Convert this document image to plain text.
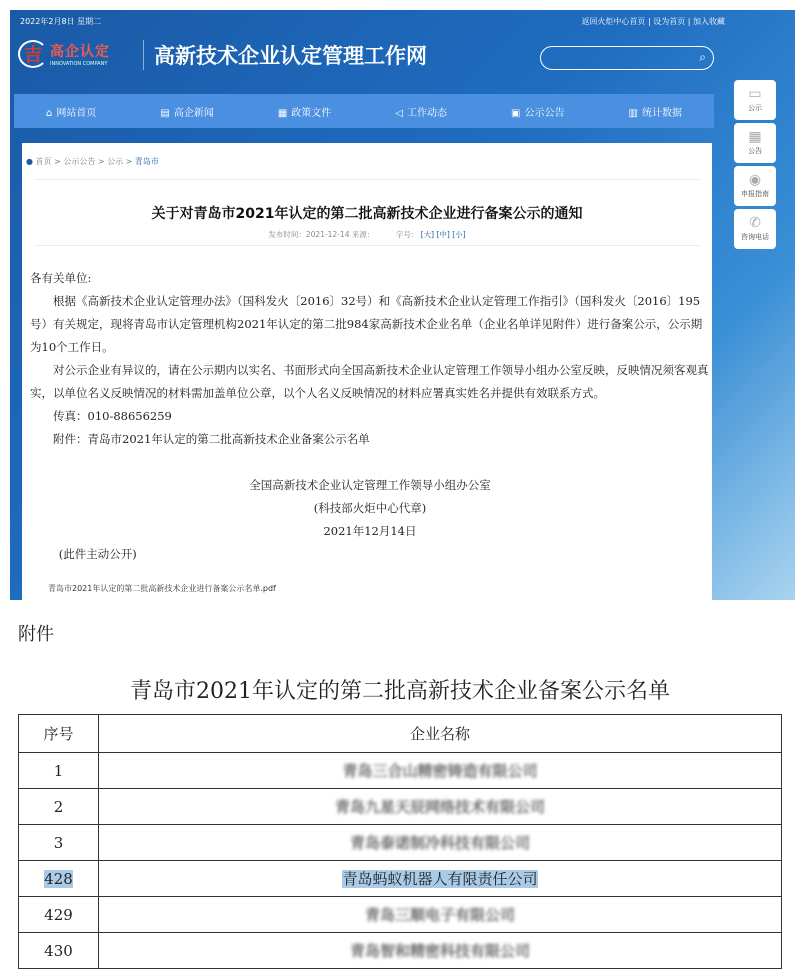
2022年2月8日 星期二	返回火炬中心首页 | 设为首页 | 加入收藏
吉 高企认定
INNOVATION COMPANY	高新技术企业认定管理工作网	⌕
⌂ 网站首页	▤ 高企新闻	▦ 政策文件	◁ 工作动态	▣ 公示公告	▥ 统计数据
▭
公示
▦
公告
◉
申报指南
✆
咨询电话
● 首页 > 公示公告 > 公示 > 青岛市
关于对青岛市2021年认定的第二批高新技术企业进行备案公示的通知
发布时间：2021-12-14 来源：	字号： [大] [中] [小]

各有关单位:

根据《高新技术企业认定管理办法》（国科发火〔2016〕32号）和《高新技术企业认定管理工作指引》（国科发火〔2016〕195号）有关规定，现将青岛市认定管理机构2021年认定的第二批984家高新技术企业名单（企业名单详见附件）进行备案公示，公示期为10个工作日。

对公示企业有异议的，请在公示期内以实名、书面形式向全国高新技术企业认定管理工作领导小组办公室反映，反映情况须客观真实，以单位名义反映情况的材料需加盖单位公章，以个人名义反映情况的材料应署真实姓名并提供有效联系方式。

传真：010-88656259

附件：青岛市2021年认定的第二批高新技术企业备案公示名单

全国高新技术企业认定管理工作领导小组办公室

(科技部火炬中心代章)

2021年12月14日

(此件主动公开)

青岛市2021年认定的第二批高新技术企业进行备案公示名单.pdf
附件
青岛市2021年认定的第二批高新技术企业备案公示名单
序号	企业名称
1	青岛三合山精密铸造有限公司
2	青岛九星天辰网络技术有限公司
3	青岛泰诺制冷科技有限公司
428	青岛蚂蚁机器人有限责任公司
429	青岛三顺电子有限公司
430	青岛智和精密科技有限公司
